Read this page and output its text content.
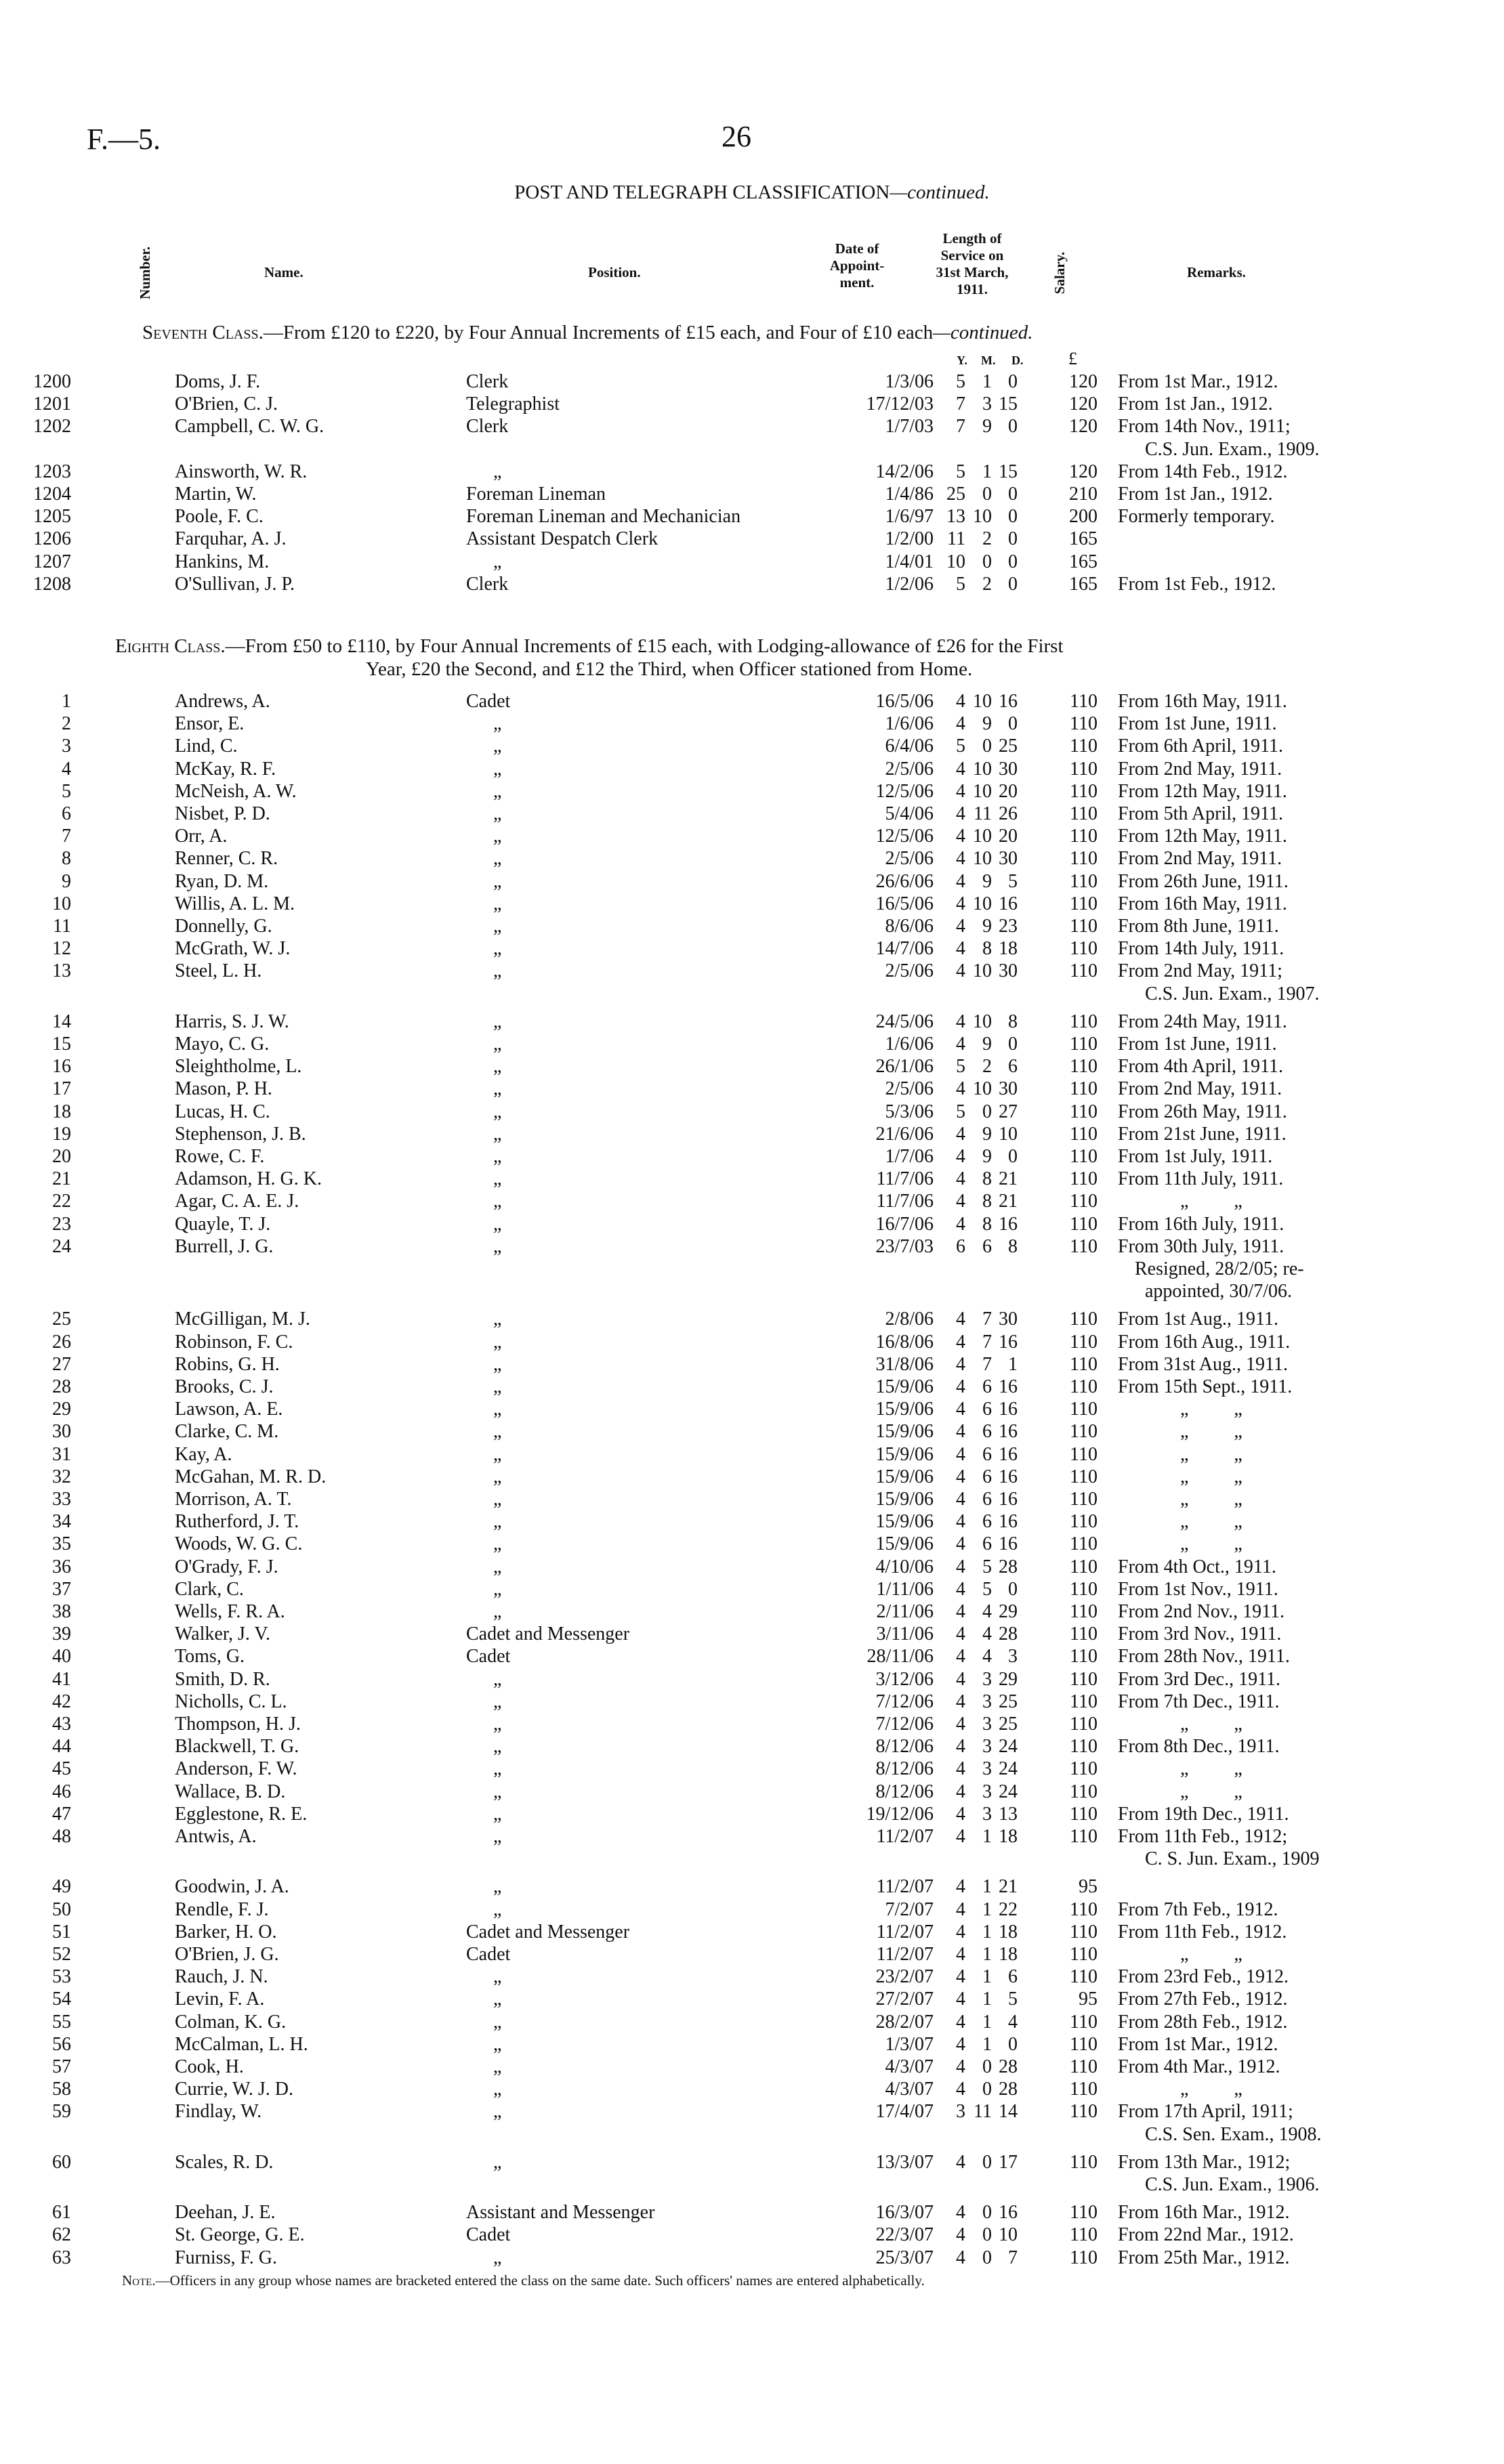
F.—5.	26
POST AND TELEGRAPH CLASSIFICATION—continued.
Number.	Name.	Position.
Date of
Appoint-
ment.
Length of
Service on
31st March,
1911.	Salary.	Remarks.
Seventh Class.—From £120 to £220, by Four Annual Increments of £15 each, and Four of £10 each—continued.
Y. M. D.	£
1200	Doms, J. F.	Clerk	1/3/06 5 1 0	120 From 1st Mar., 1912.
1201	O'Brien, C. J.	Telegraphist	17/12/03 7 3 15	120 From 1st Jan., 1912.
1202	Campbell, C. W. G.	Clerk	1/7/03 7 9 0	120 From 14th Nov., 1911;
C.S. Jun. Exam., 1909.
1203	Ainsworth, W. R.	„	14/2/06 5 1 15	120 From 14th Feb., 1912.
1204	Martin, W.	Foreman Lineman	1/4/86 25 0 0	210 From 1st Jan., 1912.
1205	Poole, F. C.	Foreman Lineman and Mechanician	1/6/97 13 10 0	200 Formerly temporary.
1206	Farquhar, A. J.	Assistant Despatch Clerk	1/2/00 11 2 0	165
1207	Hankins, M.	„	1/4/01 10 0 0	165
1208	O'Sullivan, J. P.	Clerk	1/2/06 5 2 0	165 From 1st Feb., 1912.
Eighth Class.—From £50 to £110, by Four Annual Increments of £15 each, with Lodging-allowance of £26 for the First
Year, £20 the Second, and £12 the Third, when Officer stationed from Home.
1	Andrews, A.	Cadet	16/5/06 4 10 16	110 From 16th May, 1911.
2	Ensor, E.	„	1/6/06 4 9 0	110 From 1st June, 1911.
3	Lind, C.	„	6/4/06 5 0 25	110 From 6th April, 1911.
4	McKay, R. F.	„	2/5/06 4 10 30	110 From 2nd May, 1911.
5	McNeish, A. W.	„	12/5/06 4 10 20	110 From 12th May, 1911.
6	Nisbet, P. D.	„	5/4/06 4 11 26	110 From 5th April, 1911.
7	Orr, A.	„	12/5/06 4 10 20	110 From 12th May, 1911.
8	Renner, C. R.	„	2/5/06 4 10 30	110 From 2nd May, 1911.
9	Ryan, D. M.	„	26/6/06 4 9 5	110 From 26th June, 1911.
10	Willis, A. L. M.	„	16/5/06 4 10 16	110 From 16th May, 1911.
11	Donnelly, G.	„	8/6/06 4 9 23	110 From 8th June, 1911.
12	McGrath, W. J.	„	14/7/06 4 8 18	110 From 14th July, 1911.
13	Steel, L. H.	„	2/5/06 4 10 30	110 From 2nd May, 1911;
C.S. Jun. Exam., 1907.
14	Harris, S. J. W.	„	24/5/06 4 10 8	110 From 24th May, 1911.
15	Mayo, C. G.	„	1/6/06 4 9 0	110 From 1st June, 1911.
16	Sleightholme, L.	„	26/1/06 5 2 6	110 From 4th April, 1911.
17	Mason, P. H.	„	2/5/06 4 10 30	110 From 2nd May, 1911.
18	Lucas, H. C.	„	5/3/06 5 0 27	110 From 26th May, 1911.
19	Stephenson, J. B.	„	21/6/06 4 9 10	110 From 21st June, 1911.
20	Rowe, C. F.	„	1/7/06 4 9 0	110 From 1st July, 1911.
21	Adamson, H. G. K.	„	11/7/06 4 8 21	110 From 11th July, 1911.
22	Agar, C. A. E. J.	„	11/7/06 4 8 21	110	„ „
23	Quayle, T. J.	„	16/7/06 4 8 16	110 From 16th July, 1911.
24	Burrell, J. G.	„	23/7/03 6 6 8	110 From 30th July, 1911.
Resigned, 28/2/05; re-
appointed, 30/7/06.
25	McGilligan, M. J.	„	2/8/06 4 7 30	110 From 1st Aug., 1911.
26	Robinson, F. C.	„	16/8/06 4 7 16	110 From 16th Aug., 1911.
27	Robins, G. H.	„	31/8/06 4 7 1	110 From 31st Aug., 1911.
28	Brooks, C. J.	„	15/9/06 4 6 16	110 From 15th Sept., 1911.
29	Lawson, A. E.	„	15/9/06 4 6 16	110	„ „
30	Clarke, C. M.	„	15/9/06 4 6 16	110	„ „
31	Kay, A.	„	15/9/06 4 6 16	110	„ „
32	McGahan, M. R. D.	„	15/9/06 4 6 16	110	„ „
33	Morrison, A. T.	„	15/9/06 4 6 16	110	„ „
34	Rutherford, J. T.	„	15/9/06 4 6 16	110	„ „
35	Woods, W. G. C.	„	15/9/06 4 6 16	110	„ „
36	O'Grady, F. J.	„	4/10/06 4 5 28	110 From 4th Oct., 1911.
37	Clark, C.	„	1/11/06 4 5 0	110 From 1st Nov., 1911.
38	Wells, F. R. A.	„	2/11/06 4 4 29	110 From 2nd Nov., 1911.
39	Walker, J. V.	Cadet and Messenger	3/11/06 4 4 28	110 From 3rd Nov., 1911.
40	Toms, G.	Cadet	28/11/06 4 4 3	110 From 28th Nov., 1911.
41	Smith, D. R.	„	3/12/06 4 3 29	110 From 3rd Dec., 1911.
42	Nicholls, C. L.	„	7/12/06 4 3 25	110 From 7th Dec., 1911.
43	Thompson, H. J.	„	7/12/06 4 3 25	110	„ „
44	Blackwell, T. G.	„	8/12/06 4 3 24	110 From 8th Dec., 1911.
45	Anderson, F. W.	„	8/12/06 4 3 24	110	„ „
46	Wallace, B. D.	„	8/12/06 4 3 24	110	„ „
47	Egglestone, R. E.	„	19/12/06 4 3 13	110 From 19th Dec., 1911.
48	Antwis, A.	„	11/2/07 4 1 18	110 From 11th Feb., 1912;
C. S. Jun. Exam., 1909
49	Goodwin, J. A.	„	11/2/07 4 1 21	95
50	Rendle, F. J.	„	7/2/07 4 1 22	110 From 7th Feb., 1912.
51	Barker, H. O.	Cadet and Messenger	11/2/07 4 1 18	110 From 11th Feb., 1912.
52	O'Brien, J. G.	Cadet	11/2/07 4 1 18	110	„ „
53	Rauch, J. N.	„	23/2/07 4 1 6	110 From 23rd Feb., 1912.
54	Levin, F. A.	„	27/2/07 4 1 5	95 From 27th Feb., 1912.
55	Colman, K. G.	„	28/2/07 4 1 4	110 From 28th Feb., 1912.
56	McCalman, L. H.	„	1/3/07 4 1 0	110 From 1st Mar., 1912.
57	Cook, H.	„	4/3/07 4 0 28	110 From 4th Mar., 1912.
58	Currie, W. J. D.	„	4/3/07 4 0 28	110	„ „
59	Findlay, W.	„	17/4/07 3 11 14	110 From 17th April, 1911;
C.S. Sen. Exam., 1908.
60	Scales, R. D.	„	13/3/07 4 0 17	110 From 13th Mar., 1912;
C.S. Jun. Exam., 1906.
61	Deehan, J. E.	Assistant and Messenger	16/3/07 4 0 16	110 From 16th Mar., 1912.
62	St. George, G. E.	Cadet	22/3/07 4 0 10	110 From 22nd Mar., 1912.
63	Furniss, F. G.	„	25/3/07 4 0 7	110 From 25th Mar., 1912.
Note.—Officers in any group whose names are bracketed entered the class on the same date. Such officers' names are entered alphabetically.
